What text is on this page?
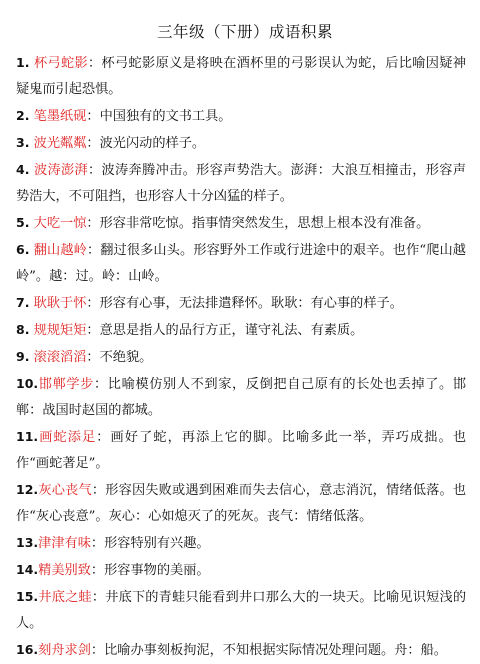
三年级（下册）成语积累

1. 杯弓蛇影：杯弓蛇影原义是将映在酒杯里的弓影误认为蛇，后比喻因疑神疑鬼而引起恐惧。

2. 笔墨纸砚：中国独有的文书工具。

3. 波光粼粼：波光闪动的样子。

4. 波涛澎湃：波涛奔腾冲击。形容声势浩大。澎湃：大浪互相撞击，形容声势浩大，不可阻挡，也形容人十分凶猛的样子。

5. 大吃一惊：形容非常吃惊。指事情突然发生，思想上根本没有准备。

6. 翻山越岭：翻过很多山头。形容野外工作或行进途中的艰辛。也作“爬山越岭”。越：过。岭：山岭。

7. 耿耿于怀：形容有心事，无法排遣释怀。耿耿：有心事的样子。

8. 规规矩矩：意思是指人的品行方正，谨守礼法、有素质。

9. 滚滚滔滔：不绝貌。

10.邯郸学步：比喻模仿别人不到家，反倒把自己原有的长处也丢掉了。邯郸：战国时赵国的都城。

11.画蛇添足：画好了蛇，再添上它的脚。比喻多此一举，弄巧成拙。也作“画蛇著足”。

12.灰心丧气：形容因失败或遇到困难而失去信心，意志消沉，情绪低落。也作“灰心丧意”。灰心：心如熄灭了的死灰。丧气：情绪低落。

13.津津有味：形容特别有兴趣。

14.精美别致：形容事物的美丽。

15.井底之蛙：井底下的青蛙只能看到井口那么大的一块天。比喻见识短浅的人。

16.刻舟求剑：比喻办事刻板拘泥，不知根据实际情况处理问题。舟：船。
